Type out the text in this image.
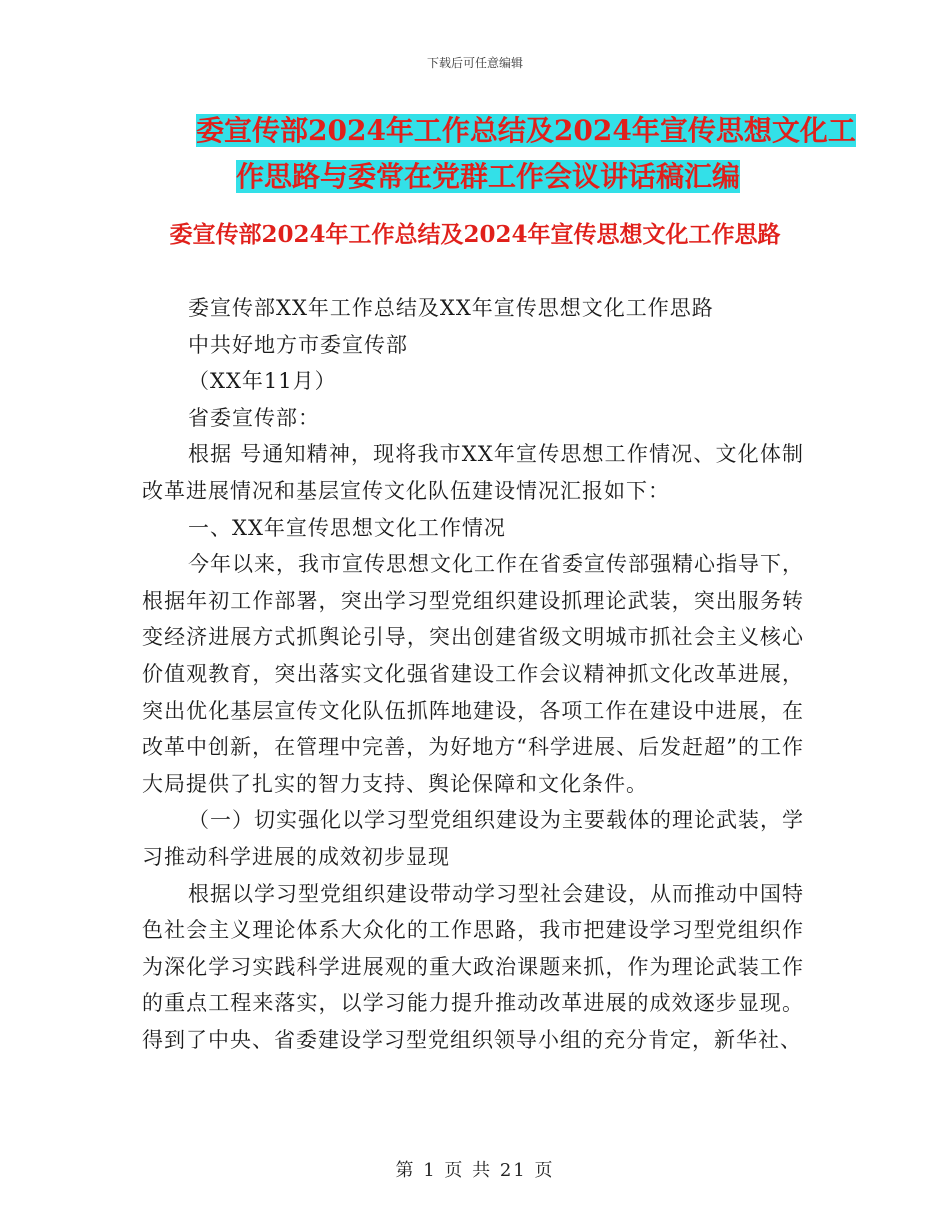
下载后可任意编辑
委宣传部2024年工作总结及2024年宣传思想文化工
作思路与委常在党群工作会议讲话稿汇编
委宣传部2024年工作总结及2024年宣传思想文化工作思路

委宣传部XX年工作总结及XX年宣传思想文化工作思路

中共好地方市委宣传部

（XX年11月）

省委宣传部：

根据 号通知精神，现将我市XX年宣传思想工作情况、文化体制改革进展情况和基层宣传文化队伍建设情况汇报如下：

一、XX年宣传思想文化工作情况

今年以来，我市宣传思想文化工作在省委宣传部强精心指导下，根据年初工作部署，突出学习型党组织建设抓理论武装，突出服务转变经济进展方式抓舆论引导，突出创建省级文明城市抓社会主义核心价值观教育，突出落实文化强省建设工作会议精神抓文化改革进展，突出优化基层宣传文化队伍抓阵地建设，各项工作在建设中进展，在改革中创新，在管理中完善，为好地方“科学进展、后发赶超”的工作大局提供了扎实的智力支持、舆论保障和文化条件。

（一）切实强化以学习型党组织建设为主要载体的理论武装，学习推动科学进展的成效初步显现

根据以学习型党组织建设带动学习型社会建设，从而推动中国特色社会主义理论体系大众化的工作思路，我市把建设学习型党组织作为深化学习实践科学进展观的重大政治课题来抓，作为理论武装工作的重点工程来落实，以学习能力提升推动改革进展的成效逐步显现。得到了中央、省委建设学习型党组织领导小组的充分肯定，新华社、

第 1 页 共 21 页
